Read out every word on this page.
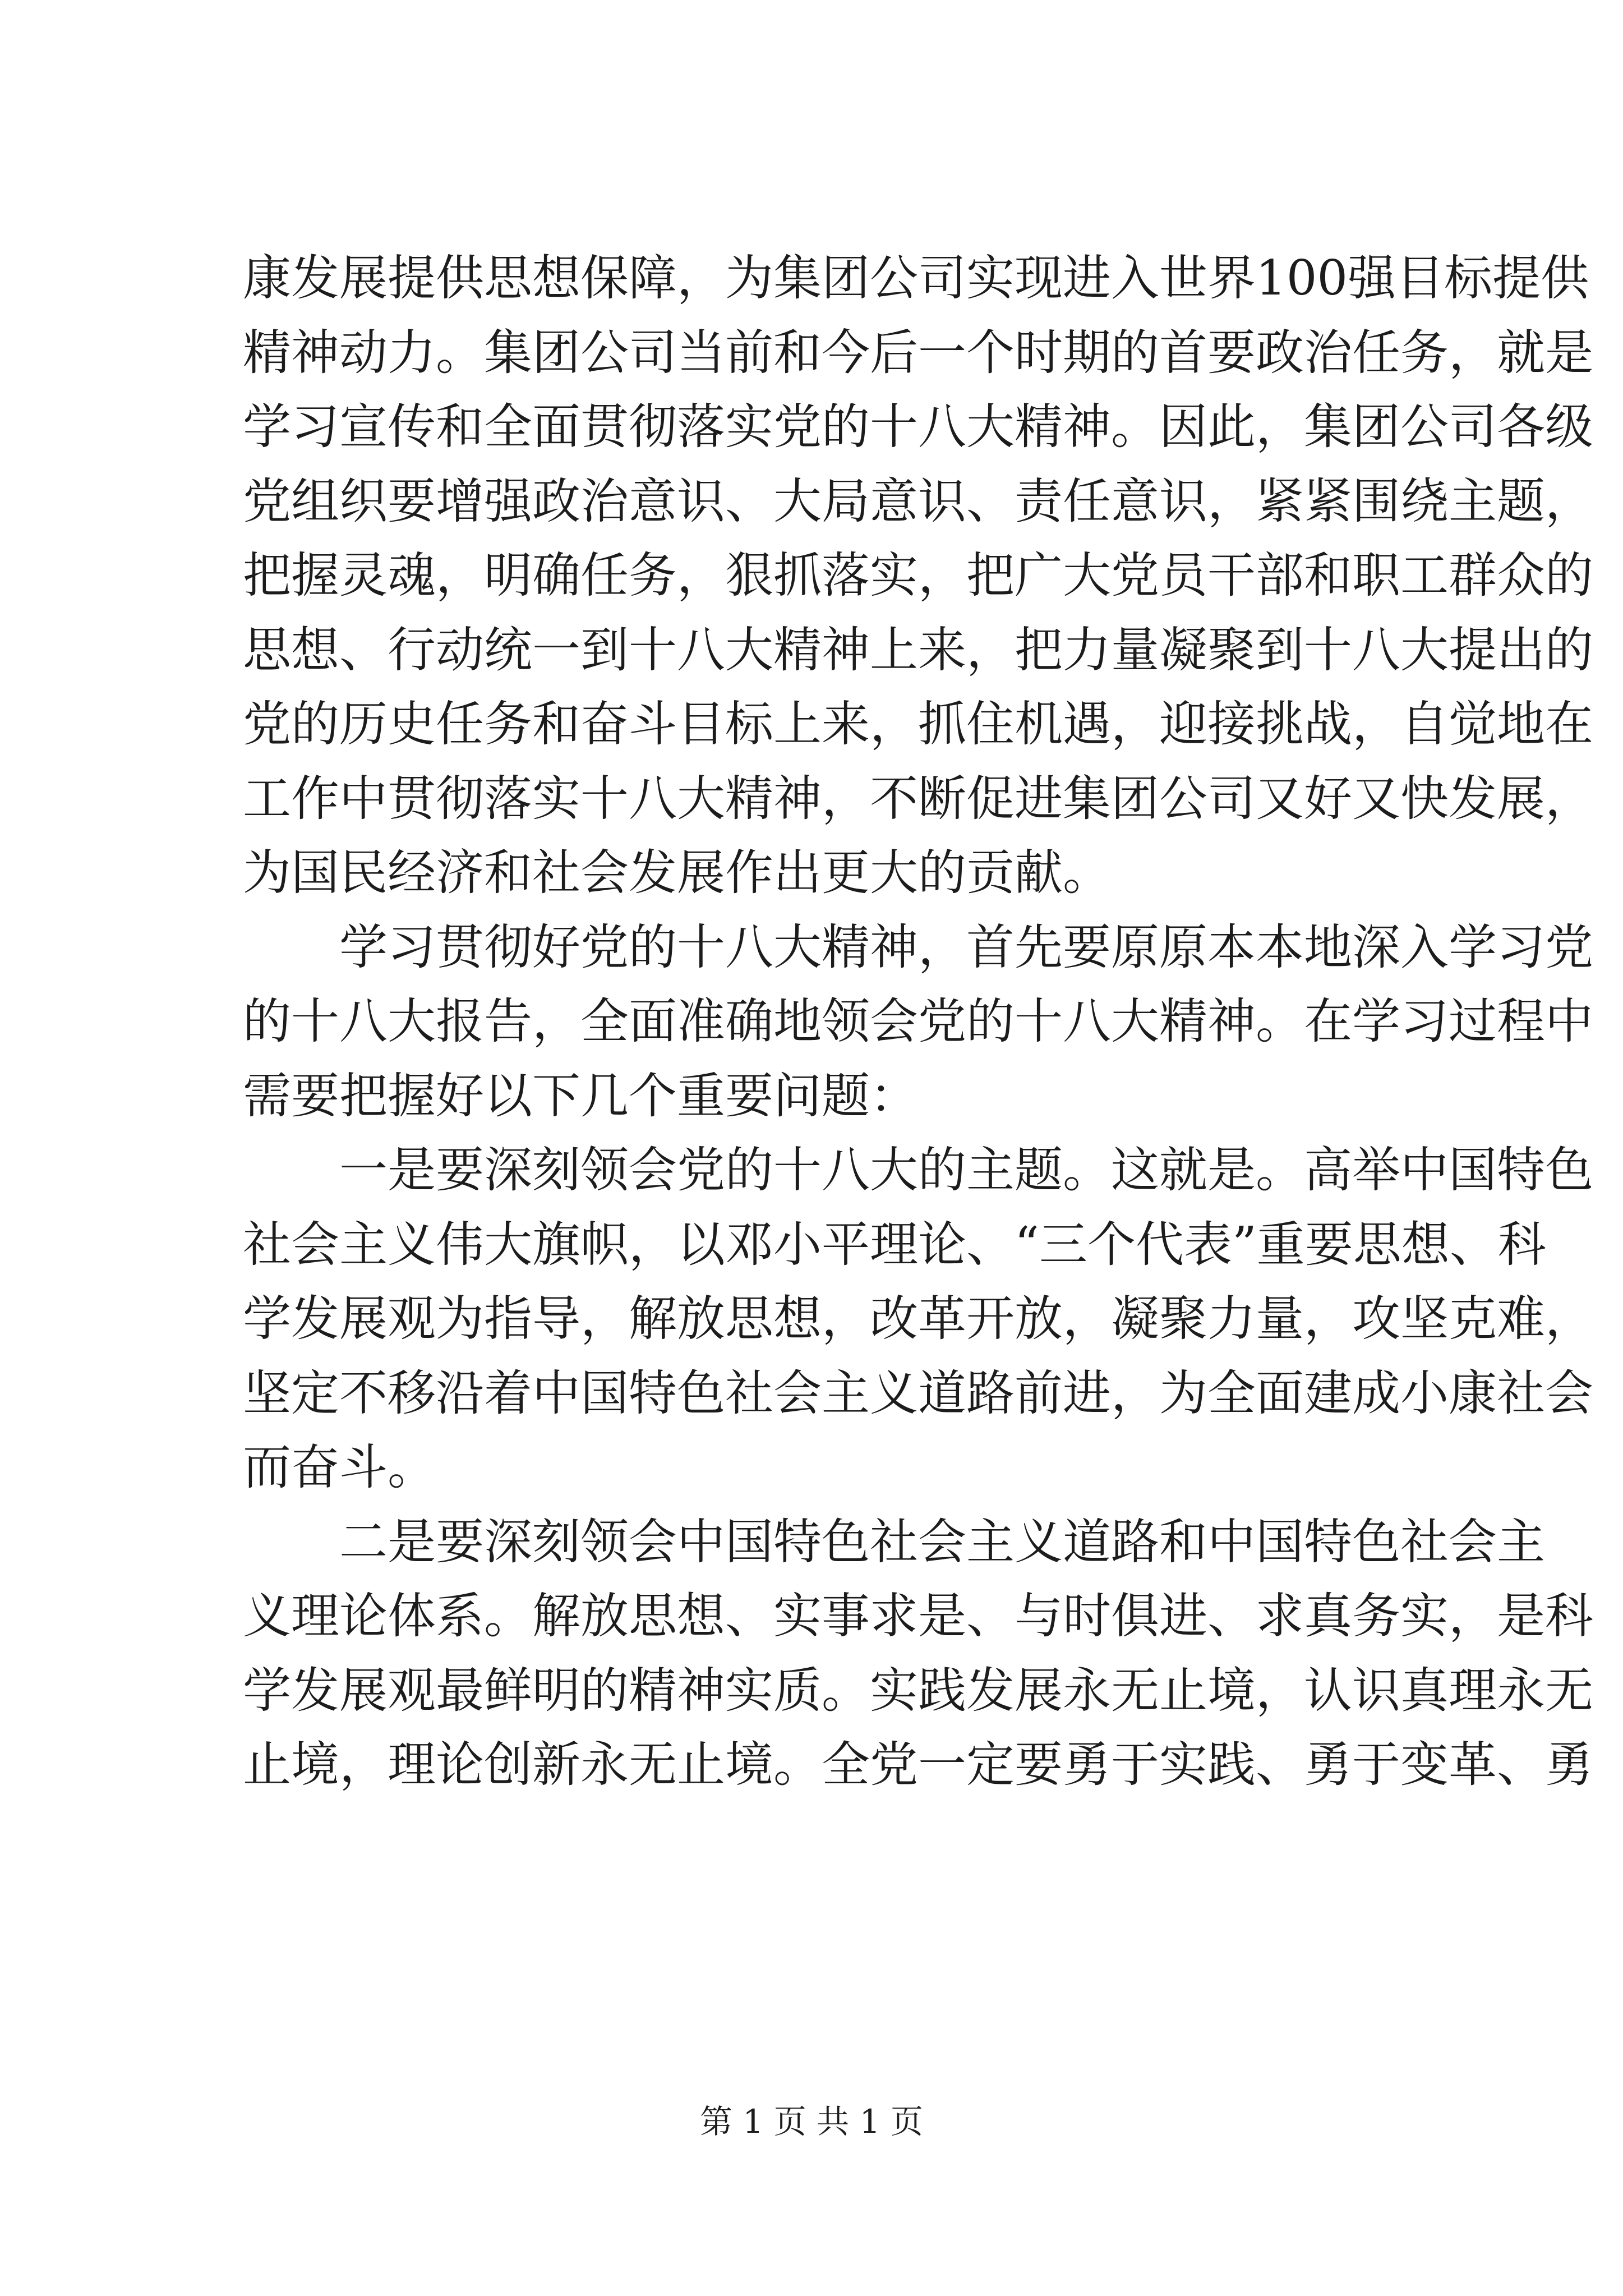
康发展提供思想保障，为集团公司实现进入世界100强目标提供
精神动力。集团公司当前和今后一个时期的首要政治任务，就是
学习宣传和全面贯彻落实党的十八大精神。因此，集团公司各级
党组织要增强政治意识、大局意识、责任意识，紧紧围绕主题，
把握灵魂，明确任务，狠抓落实，把广大党员干部和职工群众的
思想、行动统一到十八大精神上来，把力量凝聚到十八大提出的
党的历史任务和奋斗目标上来，抓住机遇，迎接挑战，自觉地在
工作中贯彻落实十八大精神，不断促进集团公司又好又快发展，
为国民经济和社会发展作出更大的贡献。
学习贯彻好党的十八大精神，首先要原原本本地深入学习党
的十八大报告，全面准确地领会党的十八大精神。在学习过程中
需要把握好以下几个重要问题：
一是要深刻领会党的十八大的主题。这就是。高举中国特色
社会主义伟大旗帜，以邓小平理论、“三个代表”重要思想、科
学发展观为指导，解放思想，改革开放，凝聚力量，攻坚克难，
坚定不移沿着中国特色社会主义道路前进，为全面建成小康社会
而奋斗。
二是要深刻领会中国特色社会主义道路和中国特色社会主
义理论体系。解放思想、实事求是、与时俱进、求真务实，是科
学发展观最鲜明的精神实质。实践发展永无止境，认识真理永无
止境，理论创新永无止境。全党一定要勇于实践、勇于变革、勇
第 1 页 共 1 页
